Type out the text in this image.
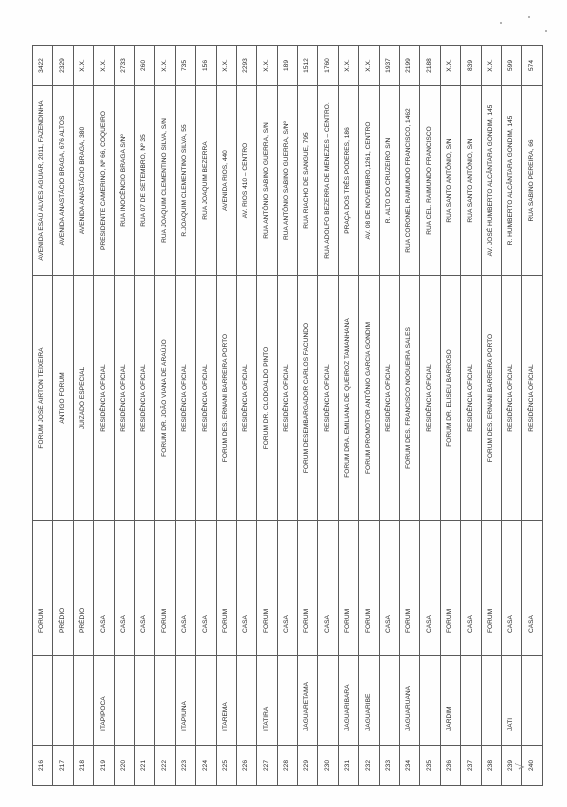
216		FORUM	FORUM JOSÉ AIRTON TEIXEIRA	AVENIDA ESAÚ ALVES AGUIAR, 2011, FAZENDINHA	3422
217		PRÉDIO	ANTIGO FORUM	AVENIDA ANASTÁCIO BRAGA, 676 ALTOS	2329
218		PRÉDIO	JUIZADO ESPECIAL	AVENIDA ANASTÁCIO BRAGA, 380	X.X.
219	ITAPIPOCA	CASA	RESIDÊNCIA OFICIAL	PRESIDENTE CAMERINO, Nº 66, COQUEIRO	X.X.
220		CASA	RESIDÊNCIA OFICIAL	RUA INOCÊNCIO BRAGA S/Nº	2733
221		CASA	RESIDÊNCIA OFICIAL	RUA 07 DE SETEMBRO, Nº 35	260
222		FORUM	FORUM DR. JOÃO VIANA DE ARAÚJO	RUA JOAQUIM CLEMENTINO SILVA, S/N	X.X.
223	ITAPIUNA	CASA	RESIDÊNCIA OFICIAL	R.JOAQUIM CLEMENTINO SILVA, 55	735
224		CASA	RESIDÊNCIA OFICIAL	RUA JOAQUIM BEZERRA	156
225	ITAREMA	FORUM	FORUM DES. ERNANI BARREIRA PORTO	AVENIDA RIOS, 440	X.X.
226		CASA	RESIDÊNCIA OFICIAL	AV. RIOS 410 – CENTRO	2293
227	ITATIRA	FORUM	FORUM DR. CLODOALDO PINTO	RUA ANTÔNIO SABINO GUERRA, S/N	X.X.
228		CASA	RESIDÊNCIA OFICIAL	RUA ANTÔNIO SABINO GUERRA, S/Nº	189
229	JAGUARETAMA	FORUM	FORUM DESEMBARGADOR CARLOS FACUNDO	RUA RIACHO DE SANGUE, 795	1512
230		CASA	RESIDÊNCIA OFICIAL	RUA ADOLFO BEZERRA DE MENEZES – CENTRO.	1760
231	JAGUARIBARA	FORUM	FORUM DRA. EMILIANA DE QUEIROZ TAMANHANA	PRAÇA DOS TRÊS PODERES, 186	X.X.
232	JAGUARIBE	FORUM	FORUM PROMOTOR ANTÔNIO GARCIA GONDIM	AV. 08 DE NOVEMBRO,1261, CENTRO	X.X.
233		CASA	RESIDÊNCIA OFICIAL	R. ALTO DO CRUZEIRO S/N	1937
234	JAGUARUANA	FORUM	FORUM DES. FRANCISCO NOGUEIRA SALES	RUA CORONEL RAIMUNDO FRANCISCO, 1462	2199
235		CASA	RESIDÊNCIA OFICIAL	RUA CEL. RAIMUNDO FRANCISCO	2188
236	JARDIM	FORUM	FORUM DR. ELISEU BARROSO	RUA SANTO ANTÔNIO, S/N	X.X.
237		CASA	RESIDÊNCIA OFICIAL	RUA SANTO ANTÔNIO, S/N	839
238		FORUM	FORUM DES. ERNANI BARREIRA PORTO	AV. JOSÉ HUMBERTO ALCÂNTARA GONDIM, 145	X.X.
239	JATI	CASA	RESIDÊNCIA OFICIAL	R. HUMBERTO ALCÂNTARA GONDIM, 145	599
240		CASA	RESIDÊNCIA OFICIAL	RUA SABINO PEREIRA, 66	574
√
